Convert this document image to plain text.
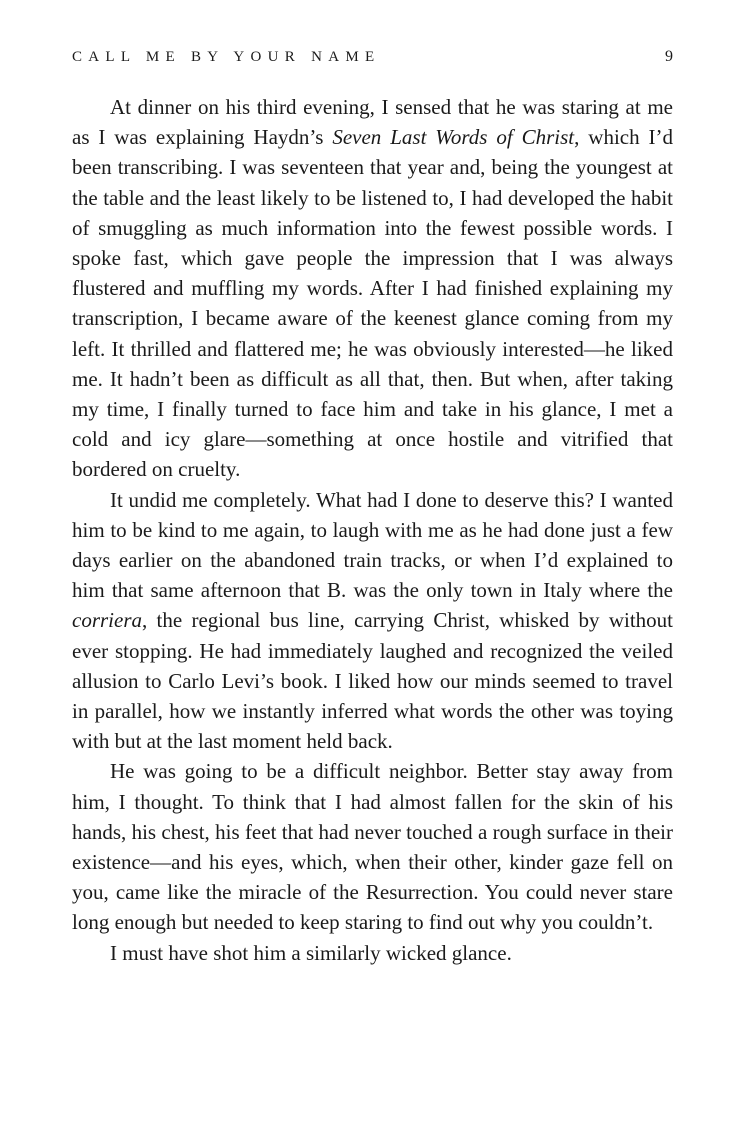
CALL ME BY YOUR NAME	9

At dinner on his third evening, I sensed that he was staring at me as I was explaining Haydn’s Seven Last Words of Christ, which I’d been transcribing. I was seventeen that year and, being the youngest at the table and the least likely to be listened to, I had developed the habit of smuggling as much information into the fewest possible words. I spoke fast, which gave people the impression that I was always flustered and muffling my words. After I had finished explaining my transcription, I became aware of the keenest glance coming from my left. It thrilled and flattered me; he was obviously interested—he liked me. It hadn’t been as difficult as all that, then. But when, after taking my time, I finally turned to face him and take in his glance, I met a cold and icy glare—something at once hostile and vitrified that bordered on cruelty.

It undid me completely. What had I done to deserve this? I wanted him to be kind to me again, to laugh with me as he had done just a few days earlier on the abandoned train tracks, or when I’d explained to him that same afternoon that B. was the only town in Italy where the corriera, the regional bus line, carrying Christ, whisked by without ever stopping. He had immediately laughed and recognized the veiled allusion to Carlo Levi’s book. I liked how our minds seemed to travel in parallel, how we instantly inferred what words the other was toying with but at the last moment held back.

He was going to be a difficult neighbor. Better stay away from him, I thought. To think that I had almost fallen for the skin of his hands, his chest, his feet that had never touched a rough surface in their existence—and his eyes, which, when their other, kinder gaze fell on you, came like the miracle of the Resurrection. You could never stare long enough but needed to keep staring to find out why you couldn’t.

I must have shot him a similarly wicked glance.
